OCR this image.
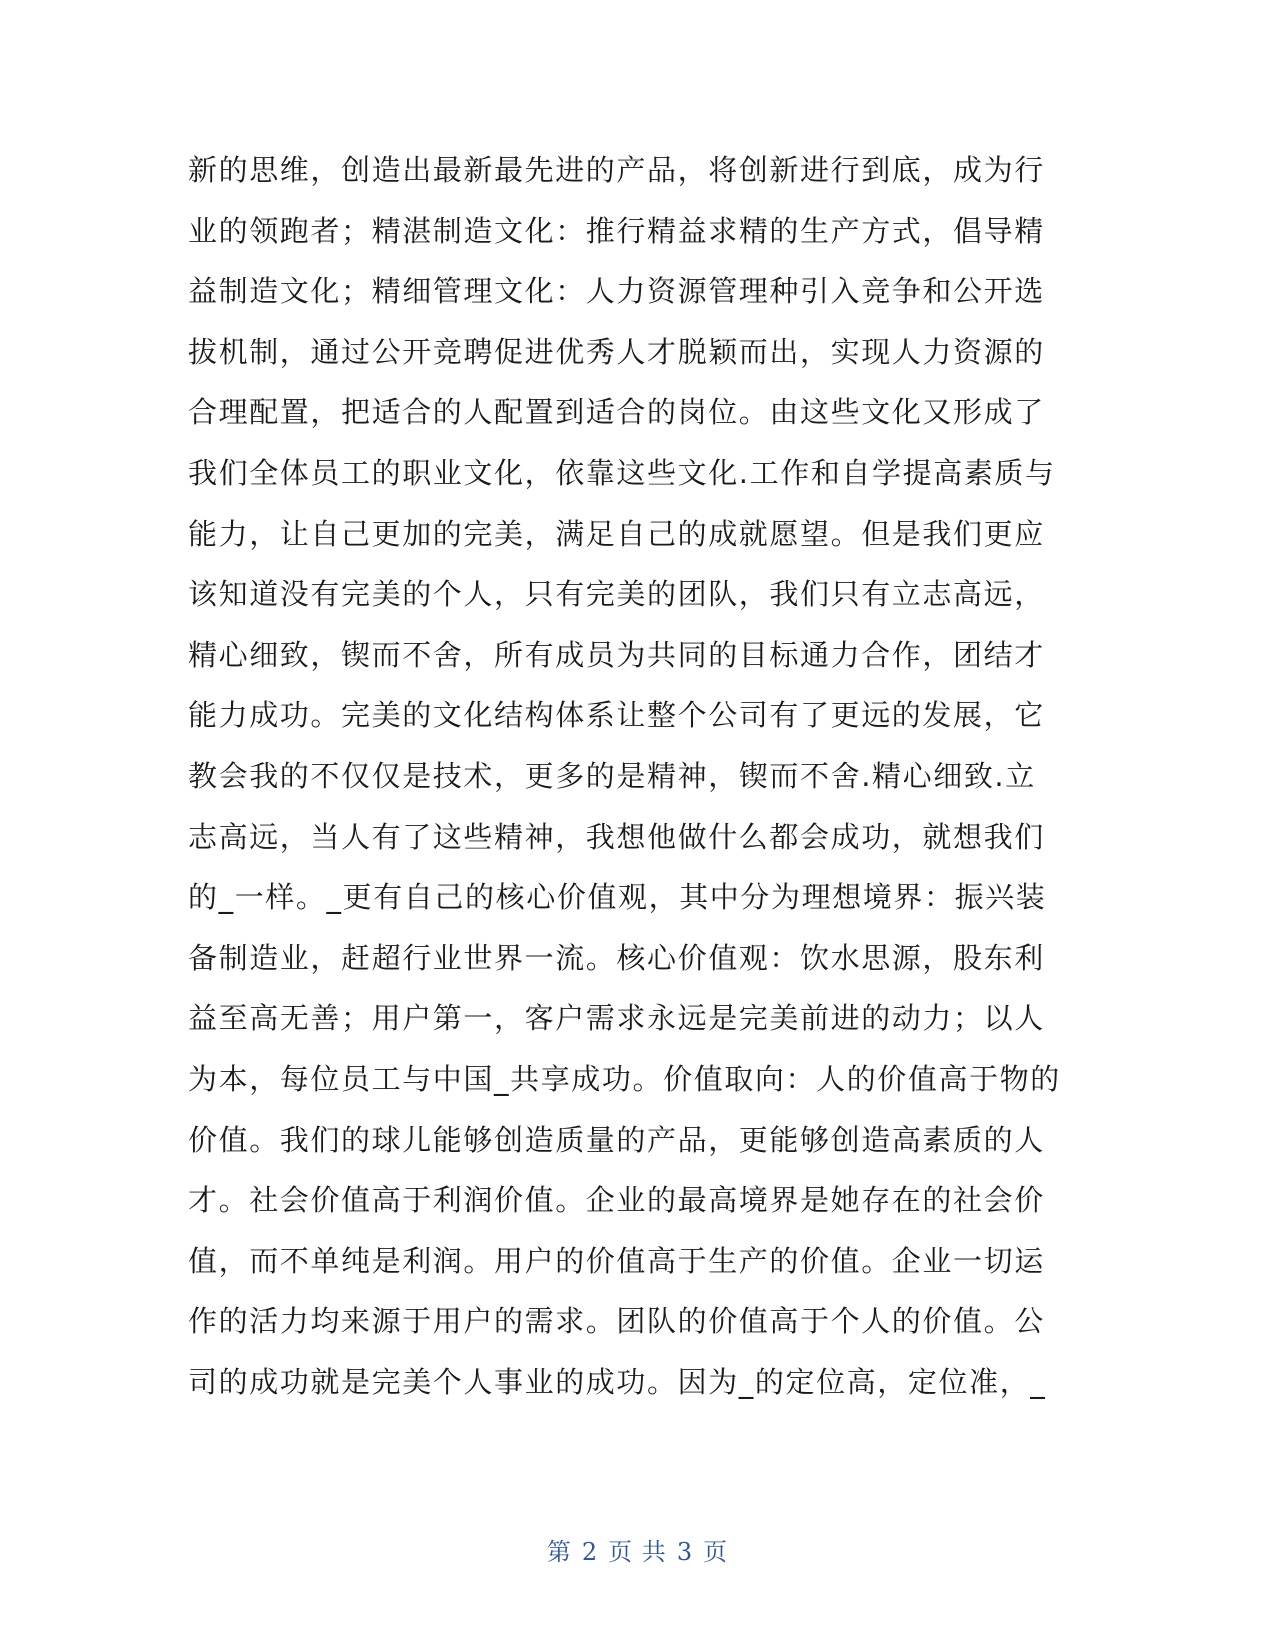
新的思维，创造出最新最先进的产品，将创新进行到底，成为行
业的领跑者；精湛制造文化：推行精益求精的生产方式，倡导精
益制造文化；精细管理文化：人力资源管理种引入竞争和公开选
拔机制，通过公开竞聘促进优秀人才脱颖而出，实现人力资源的
合理配置，把适合的人配置到适合的岗位。由这些文化又形成了
我们全体员工的职业文化，依靠这些文化.工作和自学提高素质与
能力，让自己更加的完美，满足自己的成就愿望。但是我们更应
该知道没有完美的个人，只有完美的团队，我们只有立志高远，
精心细致，锲而不舍，所有成员为共同的目标通力合作，团结才
能力成功。完美的文化结构体系让整个公司有了更远的发展，它
教会我的不仅仅是技术，更多的是精神，锲而不舍.精心细致.立
志高远，当人有了这些精神，我想他做什么都会成功，就想我们
的_一样。_更有自己的核心价值观，其中分为理想境界：振兴装
备制造业，赶超行业世界一流。核心价值观：饮水思源，股东利
益至高无善；用户第一，客户需求永远是完美前进的动力；以人
为本，每位员工与中国_共享成功。价值取向：人的价值高于物的
价值。我们的球儿能够创造质量的产品，更能够创造高素质的人
才。社会价值高于利润价值。企业的最高境界是她存在的社会价
值，而不单纯是利润。用户的价值高于生产的价值。企业一切运
作的活力均来源于用户的需求。团队的价值高于个人的价值。公
司的成功就是完美个人事业的成功。因为_的定位高，定位准，_
第 2 页 共 3 页
